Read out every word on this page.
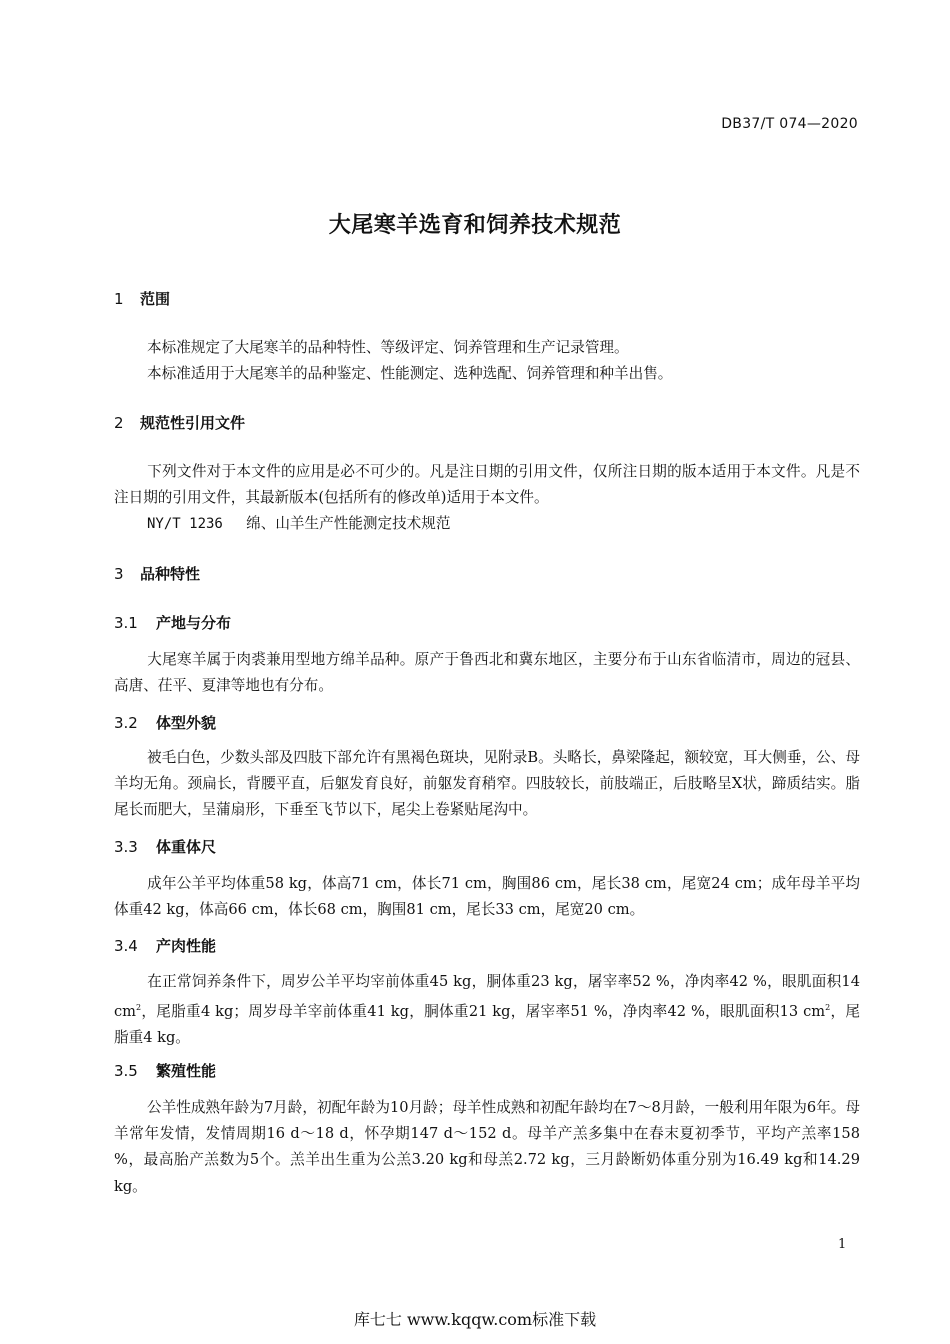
DB37/T 074—2020
大尾寒羊选育和饲养技术规范
1 范围
本标准规定了大尾寒羊的品种特性、等级评定、饲养管理和生产记录管理。
本标准适用于大尾寒羊的品种鉴定、性能测定、选种选配、饲养管理和种羊出售。
2 规范性引用文件
下列文件对于本文件的应用是必不可少的。凡是注日期的引用文件，仅所注日期的版本适用于本文件。凡是不注日期的引用文件，其最新版本(包括所有的修改单)适用于本文件。
NY/T 1236 绵、山羊生产性能测定技术规范
3 品种特性
3.1 产地与分布
大尾寒羊属于肉裘兼用型地方绵羊品种。原产于鲁西北和冀东地区，主要分布于山东省临清市，周边的冠县、高唐、茌平、夏津等地也有分布。
3.2 体型外貌
被毛白色，少数头部及四肢下部允许有黑褐色斑块，见附录B。头略长，鼻梁隆起，额较宽，耳大侧垂，公、母羊均无角。颈扁长，背腰平直，后躯发育良好，前躯发育稍窄。四肢较长，前肢端正，后肢略呈X状，蹄质结实。脂尾长而肥大，呈蒲扇形，下垂至飞节以下，尾尖上卷紧贴尾沟中。
3.3 体重体尺
成年公羊平均体重58 kg，体高71 cm，体长71 cm，胸围86 cm，尾长38 cm，尾宽24 cm；成年母羊平均体重42 kg，体高66 cm，体长68 cm，胸围81 cm，尾长33 cm，尾宽20 cm。
3.4 产肉性能
在正常饲养条件下，周岁公羊平均宰前体重45 kg，胴体重23 kg，屠宰率52 %，净肉率42 %，眼肌面积14 $cm^2$，尾脂重4 kg；周岁母羊宰前体重41 kg，胴体重21 kg，屠宰率51 %，净肉率42 %，眼肌面积13 $cm^2$，尾脂重4 kg。
3.5 繁殖性能
公羊性成熟年龄为7月龄，初配年龄为10月龄；母羊性成熟和初配年龄均在7～8月龄，一般利用年限为6年。母羊常年发情，发情周期16 d～18 d，怀孕期147 d～152 d。母羊产羔多集中在春末夏初季节，平均产羔率158 %，最高胎产羔数为5个。羔羊出生重为公羔3.20 kg和母羔2.72 kg，三月龄断奶体重分别为16.49 kg和14.29 kg。
1
库七七 www.kqqw.com标准下载
